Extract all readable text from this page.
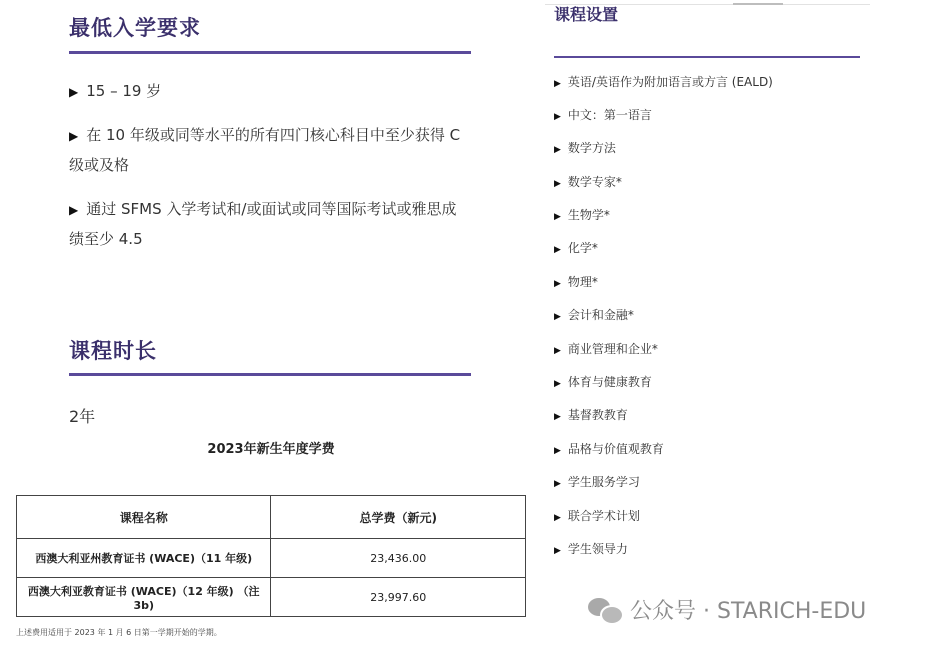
最低入学要求
▶ 15 – 19 岁
▶ 在 10 年级或同等水平的所有四门核心科目中至少获得 C 级或及格
▶ 通过 SFMS 入学考试和/或面试或同等国际考试或雅思成绩至少 4.5
课程时长
2年
2023年新生年度学费
课程名称	总学费（新元)
西澳大利亚州教育证书 (WACE)（11 年级)	23,436.00
西澳大利亚教育证书 (WACE)（12 年级) （注 3b)	23,997.60
上述费用适用于 2023 年 1 月 6 日第一学期开始的学期。
课程设置
▶ 英语/英语作为附加语言或方言 (EALD)
▶ 中文：第一语言
▶ 数学方法
▶ 数学专家*
▶ 生物学*
▶ 化学*
▶ 物理*
▶ 会计和金融*
▶ 商业管理和企业*
▶ 体育与健康教育
▶ 基督教教育
▶ 品格与价值观教育
▶ 学生服务学习
▶ 联合学术计划
▶ 学生领导力
公众号 · STARICH-EDU
